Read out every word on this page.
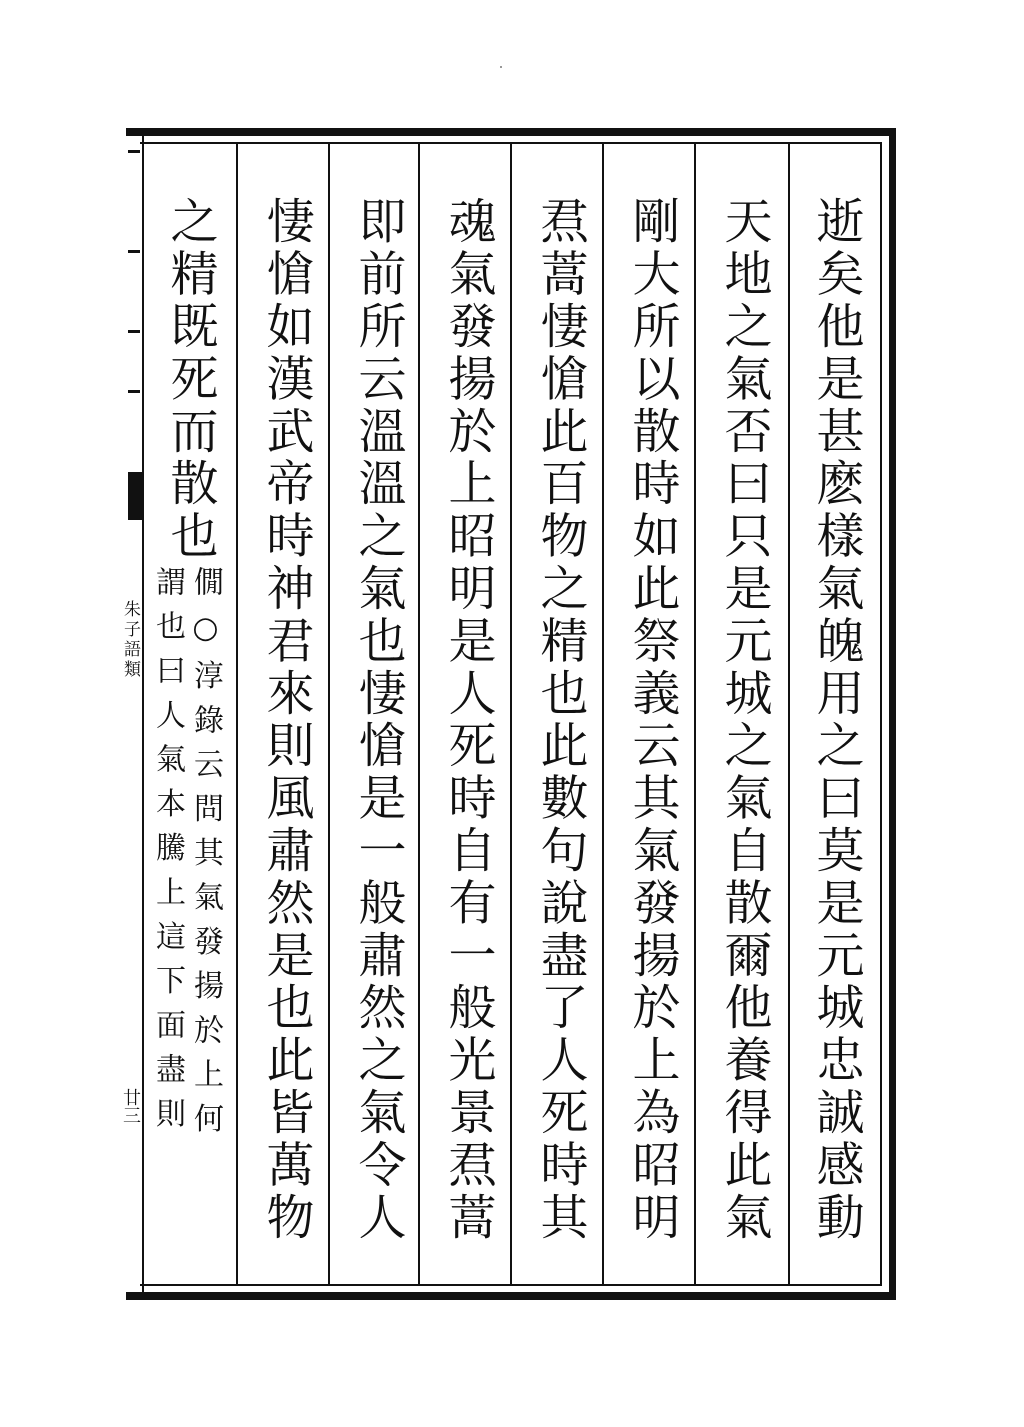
朱子語類
廿三	逝矣他是甚麽樣氣魄用之曰莫是元城忠誠感動
天地之氣否曰只是元城之氣自散爾他養得此氣
剛大所以散時如此祭義云其氣發揚於上為昭明
焄蒿悽愴此百物之精也此數句說盡了人死時其
魂氣發揚於上昭明是人死時自有一般光景焄蒿
即前所云溫溫之氣也悽愴是一般肅然之氣令人
悽愴如漢武帝時神君來則風肅然是也此皆萬物
之精既死而散也
僩○淳錄云問其氣發揚於上何
謂也曰人氣本騰上這下面盡則
